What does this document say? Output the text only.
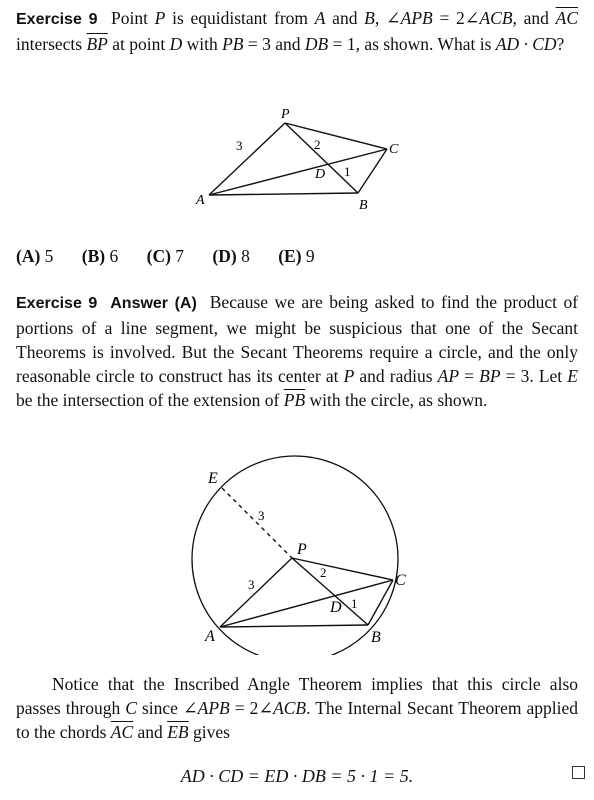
Exercise 9 Point P is equidistant from A and B, ∠APB = 2∠ACB, and $\overline{AC}$ intersects $\overline{BP}$ at point D with PB = 3 and DB = 1, as shown. What is AD · CD?
P
A	B
C
D
3	2
1
(A) 5 (B) 6 (C) 7 (D) 8 (E) 9
Exercise 9 Answer (A) Because we are being asked to find the product of portions of a line segment, we might be suspicious that one of the Secant Theorems is involved. But the Secant Theorems require a circle, and the only reasonable circle to construct has its center at P and radius AP = BP = 3. Let E be the intersection of the extension of $\overline{PB}$ with the circle, as shown.
E
P
A	B
C
D
3
3
2
1
Notice that the Inscribed Angle Theorem implies that this circle also passes through C since ∠APB = 2∠ACB. The Internal Secant Theorem applied to the chords $\overline{AC}$ and $\overline{EB}$ gives
AD · CD = ED · DB = 5 · 1 = 5.
